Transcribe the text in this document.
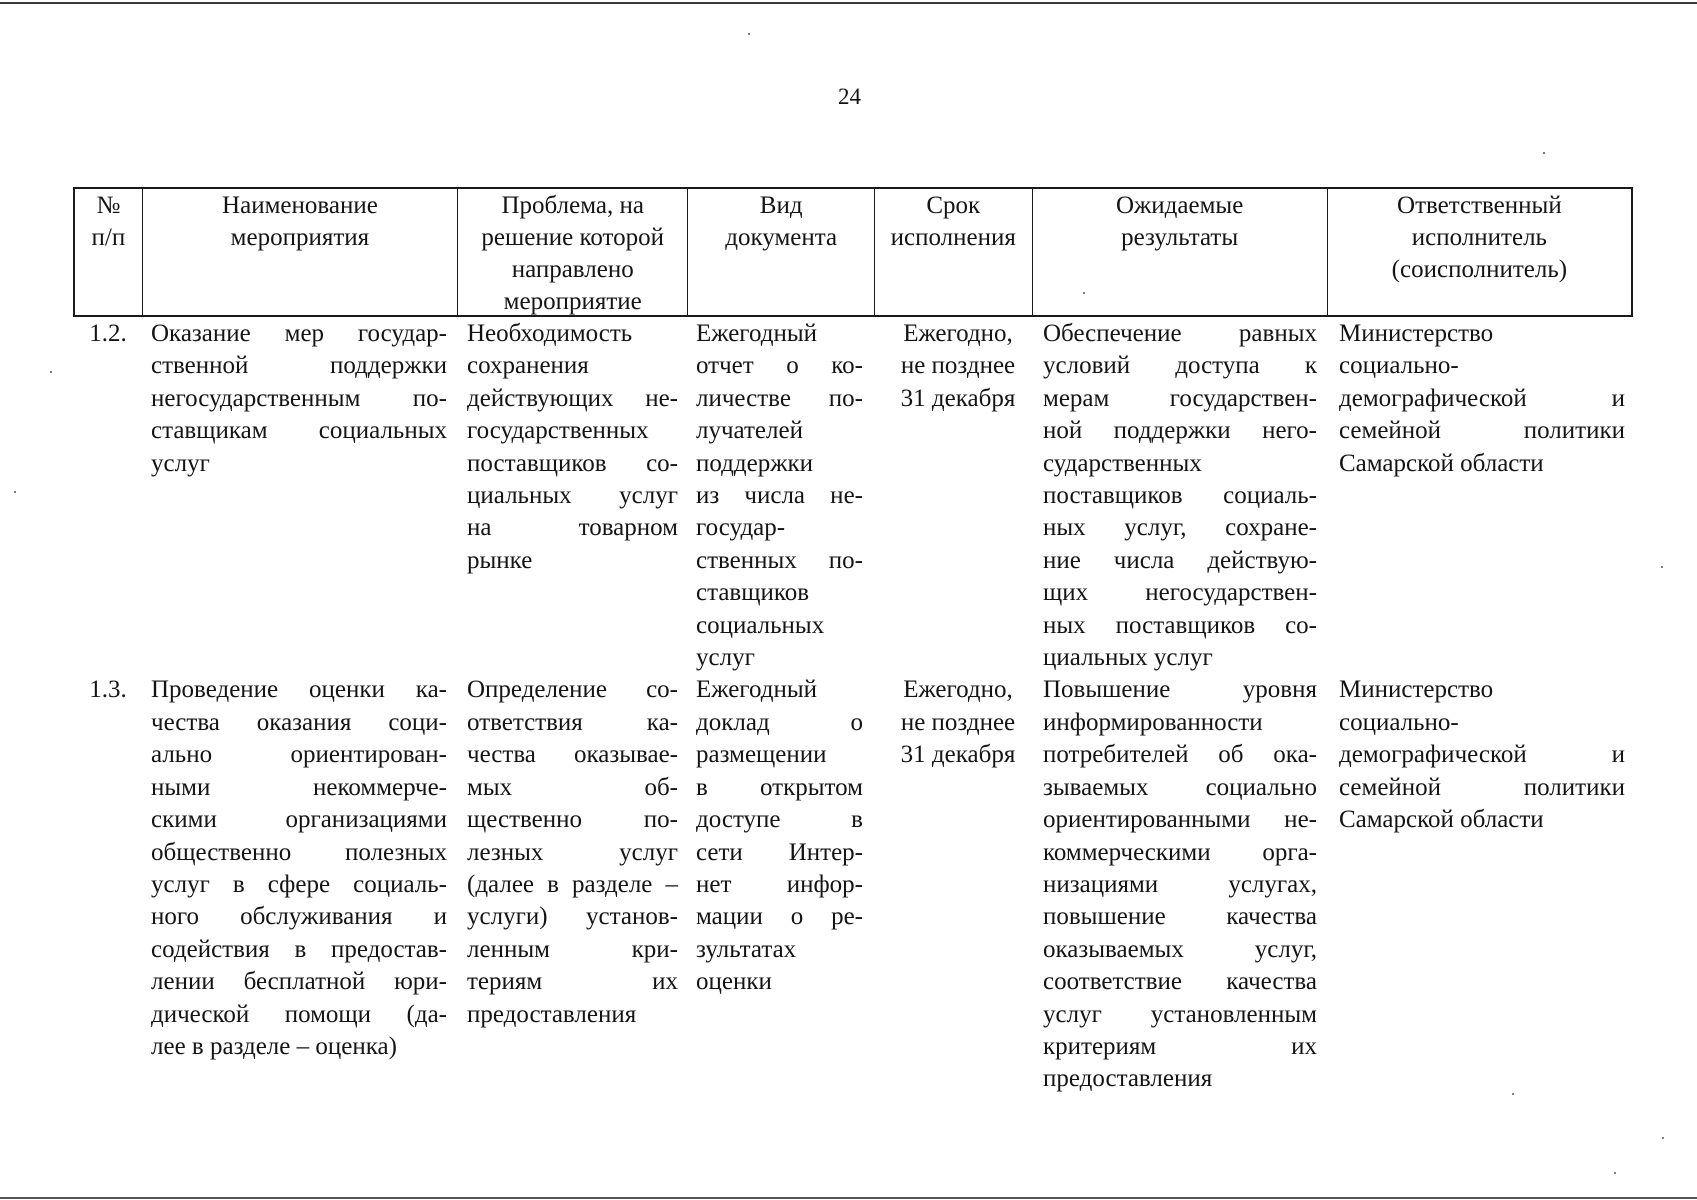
24
№
п/п
Наименование
мероприятия
Проблема, на
решение которой
направлено
мероприятие
Вид
документа
Срок
исполнения
Ожидаемые
результаты
Ответственный
исполнитель
(соисполнитель)
1.2. Оказание мер государ-
ственной поддержки
негосударственным по-
ставщикам социальных
услуг
Необходимость
сохранения
действующих не-
государственных
поставщиков со-
циальных услуг
на товарном
рынке
Ежегодный
отчет о ко-
личестве по-
лучателей
поддержки
из числа не-
государ-
ственных по-
ставщиков
социальных
услуг
Ежегодно,
не позднее
31 декабря
Обеспечение равных
условий доступа к
мерам государствен-
ной поддержки него-
сударственных
поставщиков социаль-
ных услуг, сохране-
ние числа действую-
щих негосударствен-
ных поставщиков со-
циальных услуг
Министерство
социально-
демографической и
семейной политики
Самарской области
1.3. Проведение оценки ка-
чества оказания соци-
ально ориентирован-
ными некоммерче-
скими организациями
общественно полезных
услуг в сфере социаль-
ного обслуживания и
содействия в предостав-
лении бесплатной юри-
дической помощи (да-
лее в разделе – оценка)
Определение со-
ответствия ка-
чества оказывае-
мых об-
щественно по-
лезных услуг
(далее в разделе –
услуги) установ-
ленным кри-
териям их
предоставления
Ежегодный
доклад о
размещении
в открытом
доступе в
сети Интер-
нет инфор-
мации о ре-
зультатах
оценки
Ежегодно,
не позднее
31 декабря
Повышение уровня
информированности
потребителей об ока-
зываемых социально
ориентированными не-
коммерческими орга-
низациями услугах,
повышение качества
оказываемых услуг,
соответствие качества
услуг установленным
критериям их
предоставления
Министерство
социально-
демографической и
семейной политики
Самарской области
